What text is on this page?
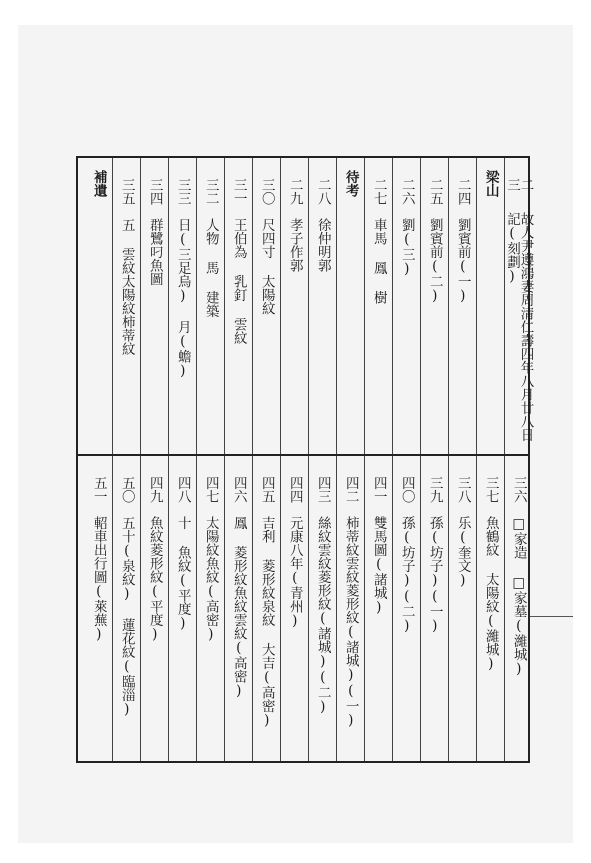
二三
故人尹遵鴻妻周清仁壽四年八月廿八日記(刻劃)
梁山
二四
劉賓前(一)
二五
劉賓前(二)
二六
劉(三)
二七
車馬 鳳 樹
待考
二八
徐仲明郭
二九
孝子作郭
三〇
尺四寸 太陽紋
三一
王伯為 乳釘 雲紋
三二
人物 馬 建築
三三
日(三足烏) 月(蟾)
三四
群鷺叼魚圖
三五
五 雲紋太陽紋柿蒂紋
補遺
三六
□家造 □家墓(濰城)
三七
魚鶴紋 太陽紋(濰城)
三八
乐(奎文)
三九
孫(坊子)(一)
四〇
孫(坊子)(二)
四一
雙馬圖(諸城)
四二
柿蒂紋雲紋菱形紋(諸城)(一)
四三
絲紋雲紋菱形紋(諸城)(二)
四四
元康八年(青州)
四五
吉利 菱形紋泉紋 大吉(高密)
四六
鳳 菱形紋魚紋雲紋(高密)
四七
太陽紋魚紋(高密)
四八
十 魚紋(平度)
四九
魚紋菱形紋(平度)
五〇
五十(泉紋) 蓮花紋(臨淄)
五一
軺車出行圖(萊蕪)
